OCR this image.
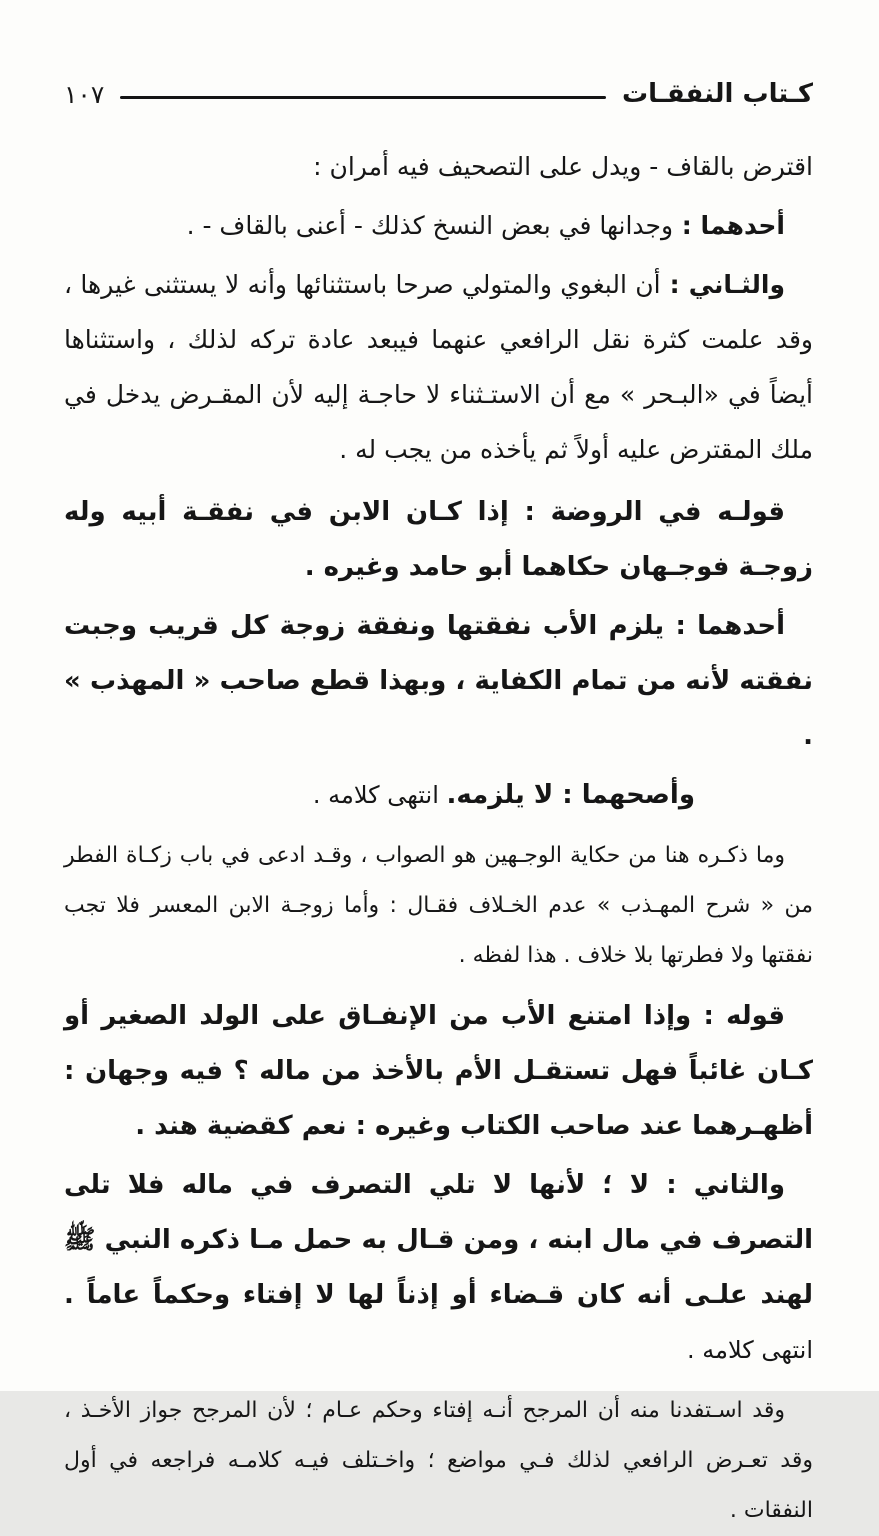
كـتاب النفقـات
١٠٧

اقترض بالقاف - ويدل على التصحيف فيه أمران :

أحدهما : وجدانها في بعض النسخ كذلك - أعنى بالقاف - .

والثـاني : أن البغوي والمتولي صرحا باستثنائها وأنه لا يستثنى غيرها ، وقد علمت كثرة نقل الرافعي عنهما فيبعد عادة تركه لذلك ، واستثناها أيضاً في «البـحر » مع أن الاستـثناء لا حاجـة إليه لأن المقـرض يدخل في ملك المقترض عليه أولاً ثم يأخذه من يجب له .

قولـه في الروضة : إذا كـان الابن في نفقـة أبيه وله زوجـة فوجـهان حكاهما أبو حامد وغيره .

أحدهما : يلزم الأب نفقتها ونفقة زوجة كل قريب وجبت نفقته لأنه من تمام الكفاية ، وبهذا قطع صاحب « المهذب » .

وأصحهما : لا يلزمه. انتهى كلامه .

وما ذكـره هنا من حكاية الوجـهين هو الصواب ، وقـد ادعى في باب زكـاة الفطر من « شرح المهـذب » عدم الخـلاف فقـال : وأما زوجـة الابن المعسر فلا تجب نفقتها ولا فطرتها بلا خلاف . هذا لفظه .

قوله : وإذا امتنع الأب من الإنفـاق على الولد الصغير أو كـان غائباً فهل تستقـل الأم بالأخذ من ماله ؟ فيه وجهان : أظهـرهما عند صاحب الكتاب وغيره : نعم كقضية هند .

والثاني : لا ؛ لأنها لا تلي التصرف في ماله فلا تلى التصرف في مال ابنه ، ومن قـال به حمل مـا ذكره النبي ﷺ لهند علـى أنه كان قـضاء أو إذناً لها لا إفتاء وحكماً عاماً . انتهى كلامه .

وقد اسـتفدنا منه أن المرجح أنـه إفتاء وحكم عـام ؛ لأن المرجح جواز الأخـذ ، وقد تعـرض الرافعي لذلك فـي مواضع ؛ واخـتلف فيـه كلامـه فراجعه في أول النفقات .
